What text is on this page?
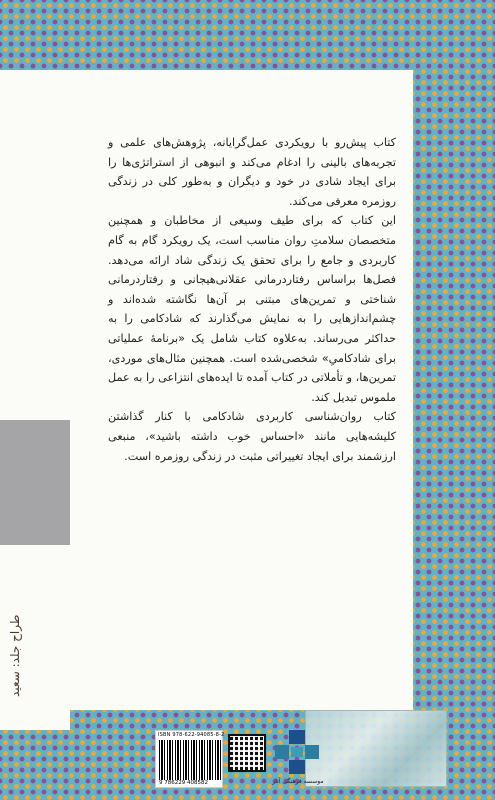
طراح جلد: سعید

کتاب پیش‌رو با رویکردی عمل‌گرایانه، پژوهش‌های علمی و تجربه‌های بالینی را ادغام می‌کند و انبوهی از استراتژی‌ها را برای ایجاد شادی در خود و دیگران و به‌طور کلی در زندگی روزمره معرفی می‌کند.

این کتاب که برای طیف وسیعی از مخاطبان و همچنین متخصصان سلامتِ روان مناسب است، یک رویکرد گام به گام کاربردی و جامع را برای تحقق یک زندگی شاد ارائه می‌دهد. فصل‌ها براساس رفتاردرمانی عقلانی‌هیجانی و رفتاردرمانی شناختی و تمرین‌های مبتنی بر آن‌ها نگاشته شده‌اند و چشم‌اندازهایی را به نمایش می‌گذارند که شادکامی را به حداکثر می‌رساند. به‌علاوه کتاب شامل یک «برنامهٔ عملیاتی برای شادکامیِ» شخصی‌شده است. همچنین مثال‌های موردی، تمرین‌ها، و تأملاتی در کتاب آمده تا ایده‌های انتزاعی را به عمل ملموس تبدیل کند.

کتاب روان‌شناسی کاربردی شادکامی با کنار گذاشتن کلیشه‌هایی مانند «احساس خوب داشته باشید»، منبعی ارزشمند برای ایجاد تغییراتی مثبت در زندگی روزمره است.

ISBN 978-622-94085-8-2
9 786229 408582	موسسه فرهنگی آثار
